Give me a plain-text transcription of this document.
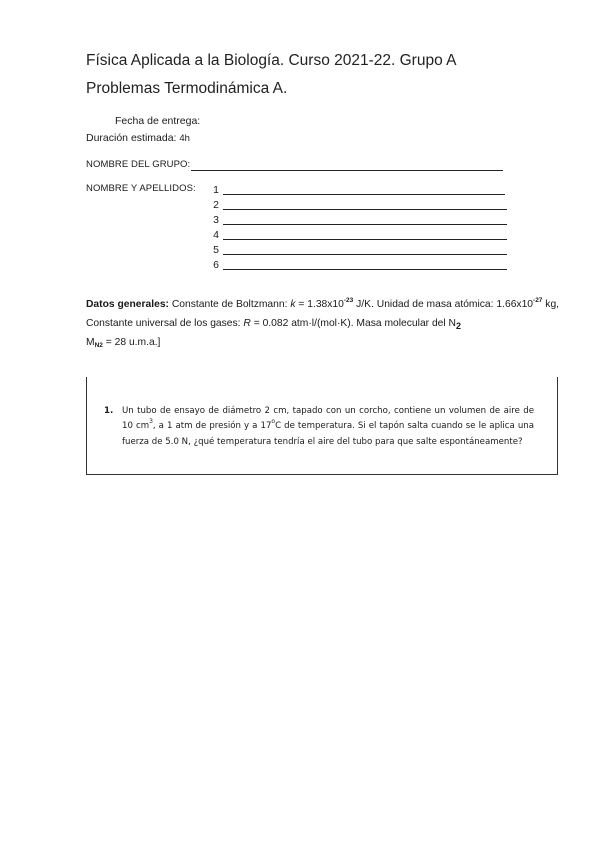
Física Aplicada a la Biología. Curso 2021-22. Grupo A
Problemas Termodinámica A.
Fecha de entrega:
Duración estimada: 4h
NOMBRE DEL GRUPO:
NOMBRE Y APELLIDOS:	1
2
3
4
5
6
Datos generales: Constante de Boltzmann: $k = 1.38x10^{-23}$ J/K. Unidad de masa atómica: $1.66x10^{-27}$ kg, Constante universal de los gases: R = 0.082 atm·l/(mol·K). Masa molecular del $N_2$
$M_{N2} = 28$ u.m.a.]
1. Un tubo de ensayo de diámetro 2 cm, tapado con un corcho, contiene un volumen de aire de 10 $cm^3$, a 1 atm de presión y a 17$^o$C de temperatura. Si el tapón salta cuando se le aplica una fuerza de 5.0 N, ¿qué temperatura tendría el aire del tubo para que salte espontáneamente?
